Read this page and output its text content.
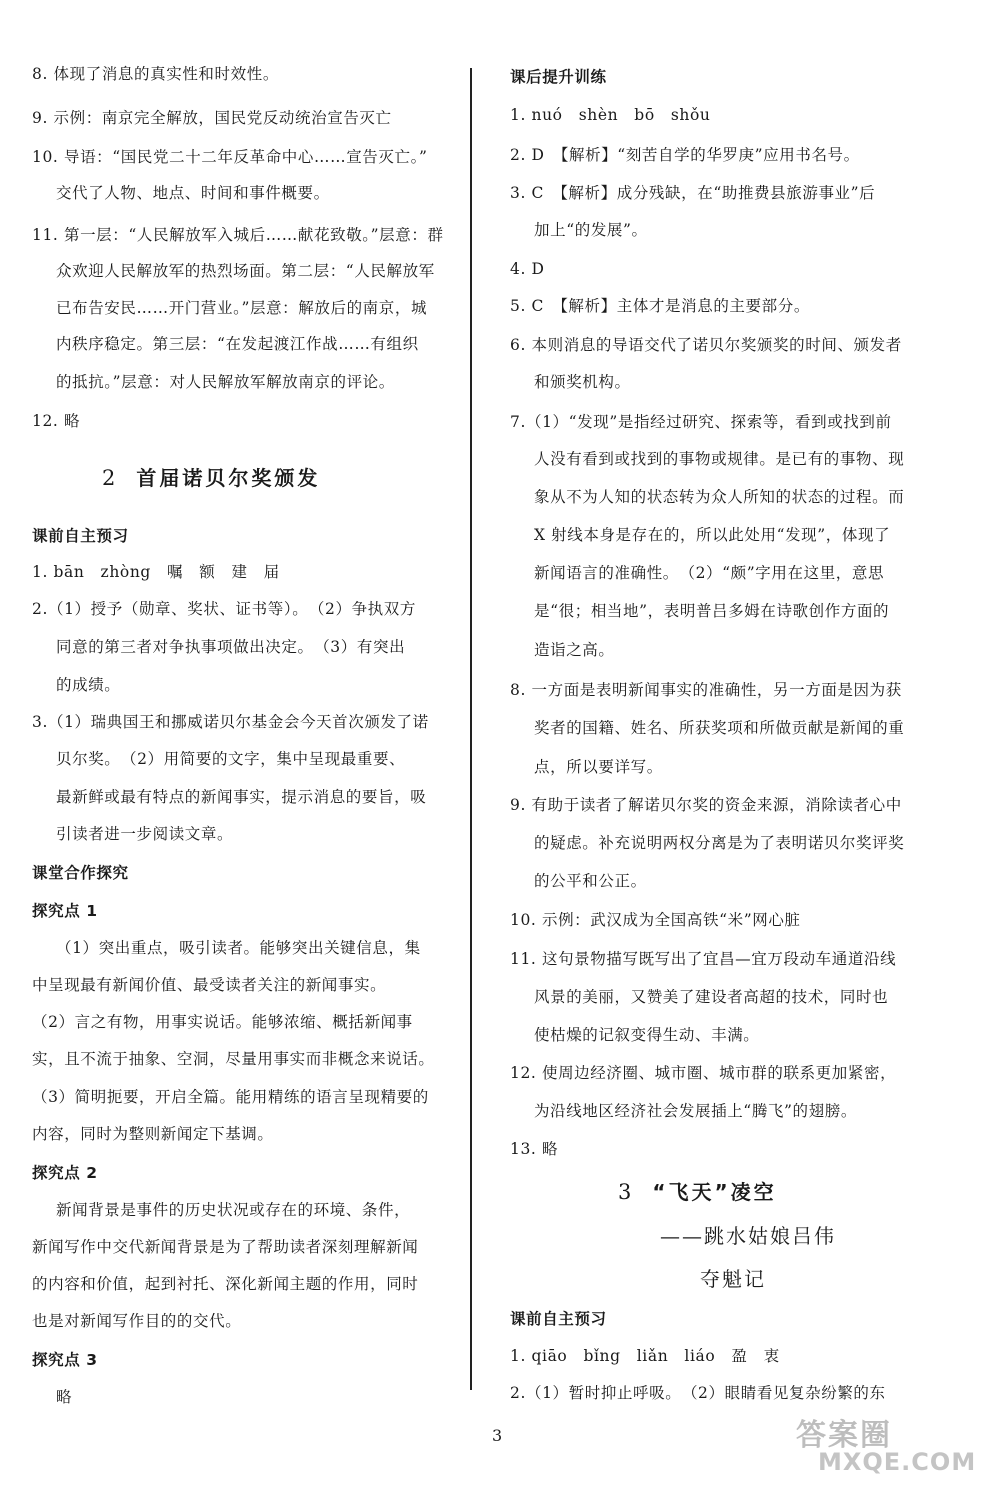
8. 体现了消息的真实性和时效性。
9. 示例：南京完全解放，国民党反动统治宣告灭亡
10. 导语：“国民党二十二年反革命中心……宣告灭亡。”
交代了人物、地点、时间和事件概要。
11. 第一层：“人民解放军入城后……献花致敬。”层意：群
众欢迎人民解放军的热烈场面。第二层：“人民解放军
已布告安民……开门营业。”层意：解放后的南京，城
内秩序稳定。第三层：“在发起渡江作战……有组织
的抵抗。”层意：对人民解放军解放南京的评论。
12. 略
2 首届诺贝尔奖颁发
课前自主预习
1. bān　zhòng　嘱　额　建　届
2.（1）授予（勋章、奖状、证书等）。　（2）争执双方
同意的第三者对争执事项做出决定。　（3）有突出
的成绩。
3.（1）瑞典国王和挪威诺贝尔基金会今天首次颁发了诺
贝尔奖。　（2）用简要的文字，集中呈现最重要、
最新鲜或最有特点的新闻事实，提示消息的要旨，吸
引读者进一步阅读文章。
课堂合作探究
探究点 1
（1）突出重点，吸引读者。能够突出关键信息，集
中呈现最有新闻价值、最受读者关注的新闻事实。
（2）言之有物，用事实说话。能够浓缩、概括新闻事
实，且不流于抽象、空洞，尽量用事实而非概念来说话。
（3）简明扼要，开启全篇。能用精练的语言呈现精要的
内容，同时为整则新闻定下基调。
探究点 2
新闻背景是事件的历史状况或存在的环境、条件，
新闻写作中交代新闻背景是为了帮助读者深刻理解新闻
的内容和价值，起到衬托、深化新闻主题的作用，同时
也是对新闻写作目的的交代。
探究点 3
略
课后提升训练
1. nuó　shèn　bō　shǒu
2. D　【解析】“刻苦自学的华罗庚”应用书名号。
3. C　【解析】成分残缺，在“助推费县旅游事业”后
加上“的发展”。
4. D
5. C　【解析】主体才是消息的主要部分。
6. 本则消息的导语交代了诺贝尔奖颁奖的时间、颁发者
和颁奖机构。
7.（1）“发现”是指经过研究、探索等，看到或找到前
人没有看到或找到的事物或规律。是已有的事物、现
象从不为人知的状态转为众人所知的状态的过程。而
X 射线本身是存在的，所以此处用“发现”，体现了
新闻语言的准确性。　（2）“颇”字用在这里，意思
是“很；相当地”，表明普吕多姆在诗歌创作方面的
造诣之高。
8. 一方面是表明新闻事实的准确性，另一方面是因为获
奖者的国籍、姓名、所获奖项和所做贡献是新闻的重
点，所以要详写。
9. 有助于读者了解诺贝尔奖的资金来源，消除读者心中
的疑虑。补充说明两权分离是为了表明诺贝尔奖评奖
的公平和公正。
10. 示例：武汉成为全国高铁“米”网心脏
11. 这句景物描写既写出了宜昌—宜万段动车通道沿线
风景的美丽，又赞美了建设者高超的技术，同时也
使枯燥的记叙变得生动、丰满。
12. 使周边经济圈、城市圈、城市群的联系更加紧密，
为沿线地区经济社会发展插上“腾飞”的翅膀。
13. 略
3 “飞天”凌空
——跳水姑娘吕伟
夺魁记
课前自主预习
1. qiāo　bǐng　liǎn　liáo　盈　衷
2.（1）暂时抑止呼吸。　（2）眼睛看见复杂纷繁的东
3	答案圈
MXQE.COM
